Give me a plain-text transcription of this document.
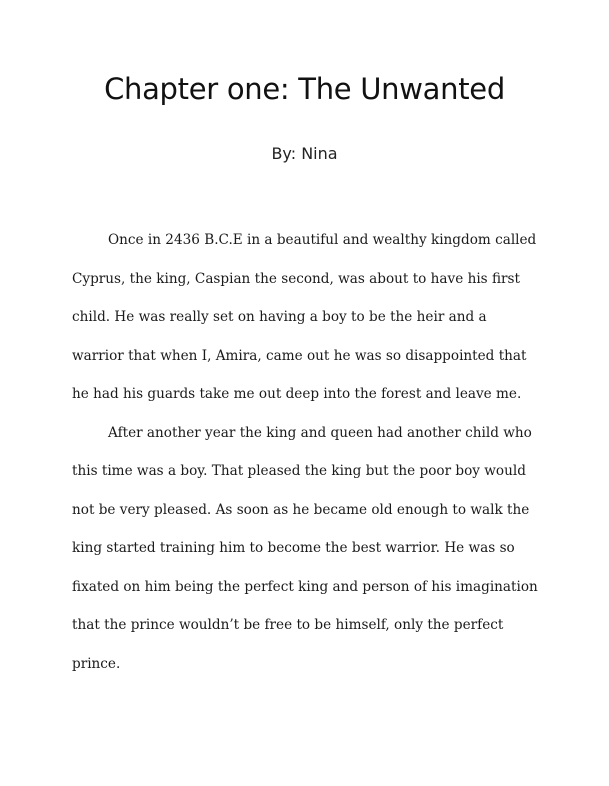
Chapter one: The Unwanted

By: Nina

Once in 2436 B.C.E in a beautiful and wealthy kingdom called Cyprus, the king, Caspian the second, was about to have his first child. He was really set on having a boy to be the heir and a warrior that when I, Amira, came out he was so disappointed that he had his guards take me out deep into the forest and leave me.

After another year the king and queen had another child who this time was a boy. That pleased the king but the poor boy would not be very pleased. As soon as he became old enough to walk the king started training him to become the best warrior. He was so fixated on him being the perfect king and person of his imagination that the prince wouldn’t be free to be himself, only the perfect prince.
